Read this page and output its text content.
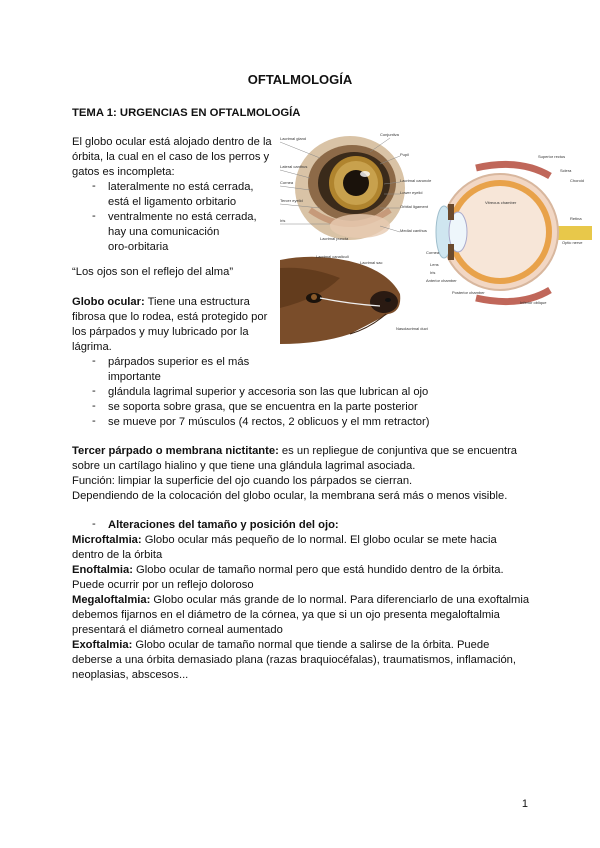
OFTALMOLOGÍA
TEMA 1: URGENCIAS EN OFTALMOLOGÍA
El globo ocular está alojado dentro de la
órbita, la cual en el caso de los perros y
gatos es incompleta:
- lateralmente no está cerrada,
está el ligamento orbitario
- ventralmente no está cerrada,
hay una comunicación
oro-orbitaria
“Los ojos son el reflejo del alma”
Globo ocular: Tiene una estructura
fibrosa que lo rodea, está protegido por
los párpados y muy lubricado por la
lágrima.
- párpados superior es el más
importante
- glándula lagrimal superior y accesoria son las que lubrican al ojo
- se soporta sobre grasa, que se encuentra en la parte posterior
- se mueve por 7 músculos (4 rectos, 2 oblicuos y el mm retractor)
Tercer párpado o membrana nictitante: es un repliegue de conjuntiva que se encuentra
sobre un cartílago hialino y que tiene una glándula lagrimal asociada.
Función: limpiar la superficie del ojo cuando los párpados se cierran.
Dependiendo de la colocación del globo ocular, la membrana será más o menos visible.
- Alteraciones del tamaño y posición del ojo:
Microftalmia: Globo ocular más pequeño de lo normal. El globo ocular se mete hacia
dentro de la órbita
Enoftalmia: Globo ocular de tamaño normal pero que está hundido dentro de la órbita.
Puede ocurrir por un reflejo doloroso
Megaloftalmia: Globo ocular más grande de lo normal. Para diferenciarlo de una exoftalmia
debemos fijarnos en el diámetro de la córnea, ya que si un ojo presenta megaloftalmia
presentará el diámetro corneal aumentado
Exoftalmia: Globo ocular de tamaño normal que tiende a salirse de la órbita. Puede
deberse a una órbita demasiado plana (razas braquiocéfalas), traumatismos, inflamación,
neoplasias, abscesos...
Lacrimal gland
Lateral canthus
Cornea
Tercer eyelid
Iris
Conjuntiva
Pupil
Lacrimal caruncle
Lower eyelid
Orbital ligament
Medial canthus
Lacrimal puncta
Superior rectus
Sclera
Choroid
Retina
Vitreous chamber
Optic nerve
Cornea
Lens
Iris
Inferior oblique
Anterior chamber
Posterior chamber
Lacrimal canaliculi
Lacrimal sac
Nasolacrimal duct
1
